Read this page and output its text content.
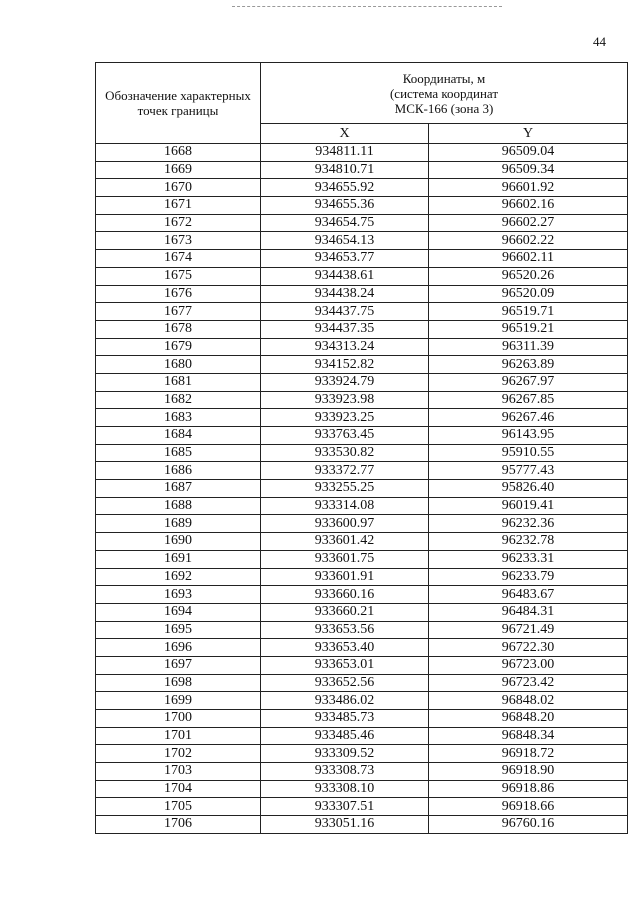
44
Обозначение характерных точек границы	Координаты, м
(система координат
МСК-166 (зона 3)	

	X	Y
1668	934811.11	96509.04
1669	934810.71	96509.34
1670	934655.92	96601.92
1671	934655.36	96602.16
1672	934654.75	96602.27
1673	934654.13	96602.22
1674	934653.77	96602.11
1675	934438.61	96520.26
1676	934438.24	96520.09
1677	934437.75	96519.71
1678	934437.35	96519.21
1679	934313.24	96311.39
1680	934152.82	96263.89
1681	933924.79	96267.97
1682	933923.98	96267.85
1683	933923.25	96267.46
1684	933763.45	96143.95
1685	933530.82	95910.55
1686	933372.77	95777.43
1687	933255.25	95826.40
1688	933314.08	96019.41
1689	933600.97	96232.36
1690	933601.42	96232.78
1691	933601.75	96233.31
1692	933601.91	96233.79
1693	933660.16	96483.67
1694	933660.21	96484.31
1695	933653.56	96721.49
1696	933653.40	96722.30
1697	933653.01	96723.00
1698	933652.56	96723.42
1699	933486.02	96848.02
1700	933485.73	96848.20
1701	933485.46	96848.34
1702	933309.52	96918.72
1703	933308.73	96918.90
1704	933308.10	96918.86
1705	933307.51	96918.66
1706	933051.16	96760.16
